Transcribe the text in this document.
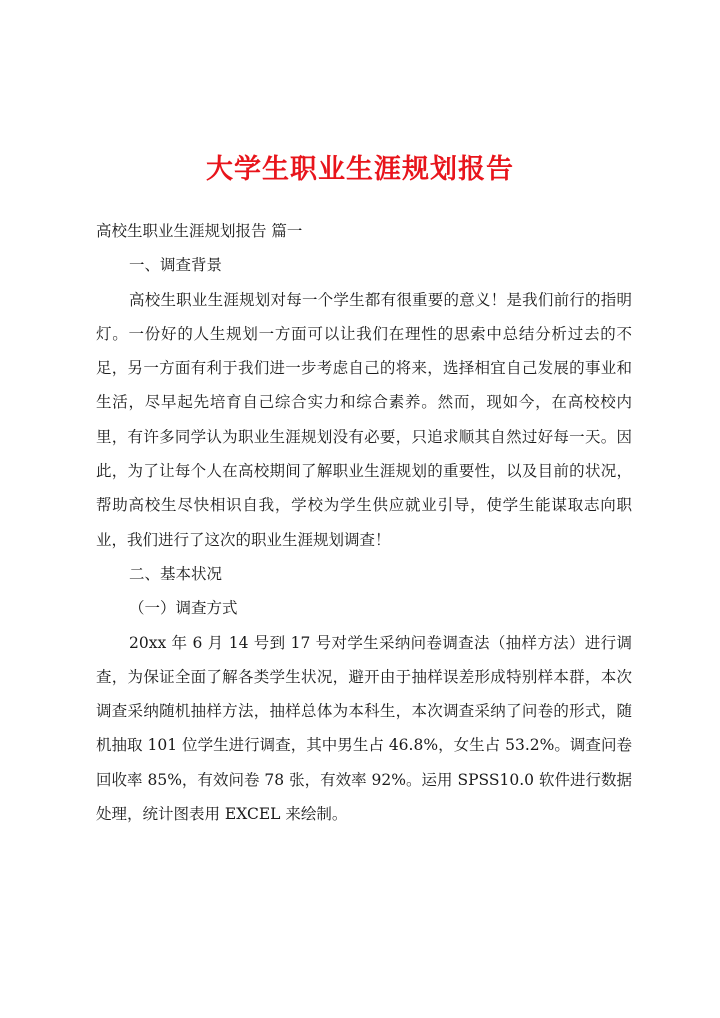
大学生职业生涯规划报告

高校生职业生涯规划报告 篇一

一、调查背景

高校生职业生涯规划对每一个学生都有很重要的意义！是我们前行的指明灯。一份好的人生规划一方面可以让我们在理性的思索中总结分析过去的不足，另一方面有利于我们进一步考虑自己的将来，选择相宜自己发展的事业和生活，尽早起先培育自己综合实力和综合素养。然而，现如今，在高校校内里，有许多同学认为职业生涯规划没有必要，只追求顺其自然过好每一天。因此，为了让每个人在高校期间了解职业生涯规划的重要性，以及目前的状况，帮助高校生尽快相识自我，学校为学生供应就业引导，使学生能谋取志向职业，我们进行了这次的职业生涯规划调查！

二、基本状况

（一）调查方式

20xx 年 6 月 14 号到 17 号对学生采纳问卷调查法（抽样方法）进行调查，为保证全面了解各类学生状况，避开由于抽样误差形成特别样本群，本次调查采纳随机抽样方法，抽样总体为本科生，本次调查采纳了问卷的形式，随机抽取 101 位学生进行调查，其中男生占 46.8%，女生占 53.2%。调查问卷回收率 85%，有效问卷 78 张，有效率 92%。运用 SPSS10.0 软件进行数据处理，统计图表用 EXCEL 来绘制。
